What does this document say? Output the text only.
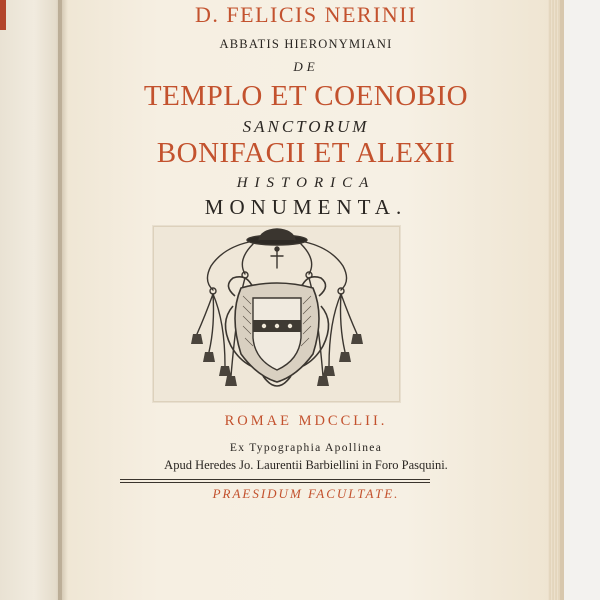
D. FELICIS NERINII
ABBATIS HIERONYMIANI
DE
TEMPLO ET COENOBIO
SANCTORUM
BONIFACII ET ALEXII
HISTORICA
MONUMENTA.
ROMAE MDCCLII.
Ex Typographia Apollinea
Apud Heredes Jo. Laurentii Barbiellini in Foro Pasquini.
PRAESIDUM FACULTATE.
